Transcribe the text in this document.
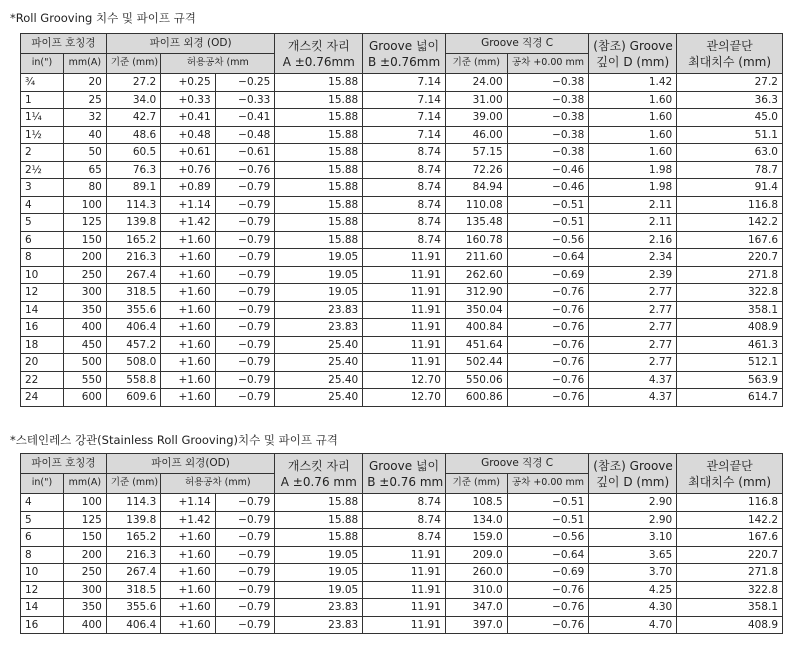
*Roll Grooving 치수 및 파이프 규격
파이프 호칭경		파이프 외경 (OD)			개스킷 자리
A ±0.76mm	Groove 넓이
B ±0.76mm	Groove 직경 C		(참조) Groove
깊이 D (mm)	관의끝단
최대치수 (mm)
in(")	mm(A)	기준 (mm)	허용공차 (mm				기준 (mm)	공차 +0.00 mm		
¾	20	27.2	+0.25	−0.25	15.88	7.14	24.00	−0.38	1.42	27.2
1	25	34.0	+0.33	−0.33	15.88	7.14	31.00	−0.38	1.60	36.3
1¼	32	42.7	+0.41	−0.41	15.88	7.14	39.00	−0.38	1.60	45.0
1½	40	48.6	+0.48	−0.48	15.88	7.14	46.00	−0.38	1.60	51.1
2	50	60.5	+0.61	−0.61	15.88	8.74	57.15	−0.38	1.60	63.0
2½	65	76.3	+0.76	−0.76	15.88	8.74	72.26	−0.46	1.98	78.7
3	80	89.1	+0.89	−0.79	15.88	8.74	84.94	−0.46	1.98	91.4
4	100	114.3	+1.14	−0.79	15.88	8.74	110.08	−0.51	2.11	116.8
5	125	139.8	+1.42	−0.79	15.88	8.74	135.48	−0.51	2.11	142.2
6	150	165.2	+1.60	−0.79	15.88	8.74	160.78	−0.56	2.16	167.6
8	200	216.3	+1.60	−0.79	19.05	11.91	211.60	−0.64	2.34	220.7
10	250	267.4	+1.60	−0.79	19.05	11.91	262.60	−0.69	2.39	271.8
12	300	318.5	+1.60	−0.79	19.05	11.91	312.90	−0.76	2.77	322.8
14	350	355.6	+1.60	−0.79	23.83	11.91	350.04	−0.76	2.77	358.1
16	400	406.4	+1.60	−0.79	23.83	11.91	400.84	−0.76	2.77	408.9
18	450	457.2	+1.60	−0.79	25.40	11.91	451.64	−0.76	2.77	461.3
20	500	508.0	+1.60	−0.79	25.40	11.91	502.44	−0.76	2.77	512.1
22	550	558.8	+1.60	−0.79	25.40	12.70	550.06	−0.76	4.37	563.9
24	600	609.6	+1.60	−0.79	25.40	12.70	600.86	−0.76	4.37	614.7
*스테인레스 강관(Stainless Roll Grooving)치수 및 파이프 규격
파이프 호칭경		파이프 외경(OD)			개스킷 자리
A ±0.76 mm	Groove 넓이
B ±0.76 mm	Groove 직경 C		(참조) Groove
깊이 D (mm)	관의끝단
최대치수 (mm)
in(")	mm(A)	기준 (mm)	허용공차 (mm)				기준 (mm)	공차 +0.00 mm		
4	100	114.3	+1.14	−0.79	15.88	8.74	108.5	−0.51	2.90	116.8
5	125	139.8	+1.42	−0.79	15.88	8.74	134.0	−0.51	2.90	142.2
6	150	165.2	+1.60	−0.79	15.88	8.74	159.0	−0.56	3.10	167.6
8	200	216.3	+1.60	−0.79	19.05	11.91	209.0	−0.64	3.65	220.7
10	250	267.4	+1.60	−0.79	19.05	11.91	260.0	−0.69	3.70	271.8
12	300	318.5	+1.60	−0.79	19.05	11.91	310.0	−0.76	4.25	322.8
14	350	355.6	+1.60	−0.79	23.83	11.91	347.0	−0.76	4.30	358.1
16	400	406.4	+1.60	−0.79	23.83	11.91	397.0	−0.76	4.70	408.9
